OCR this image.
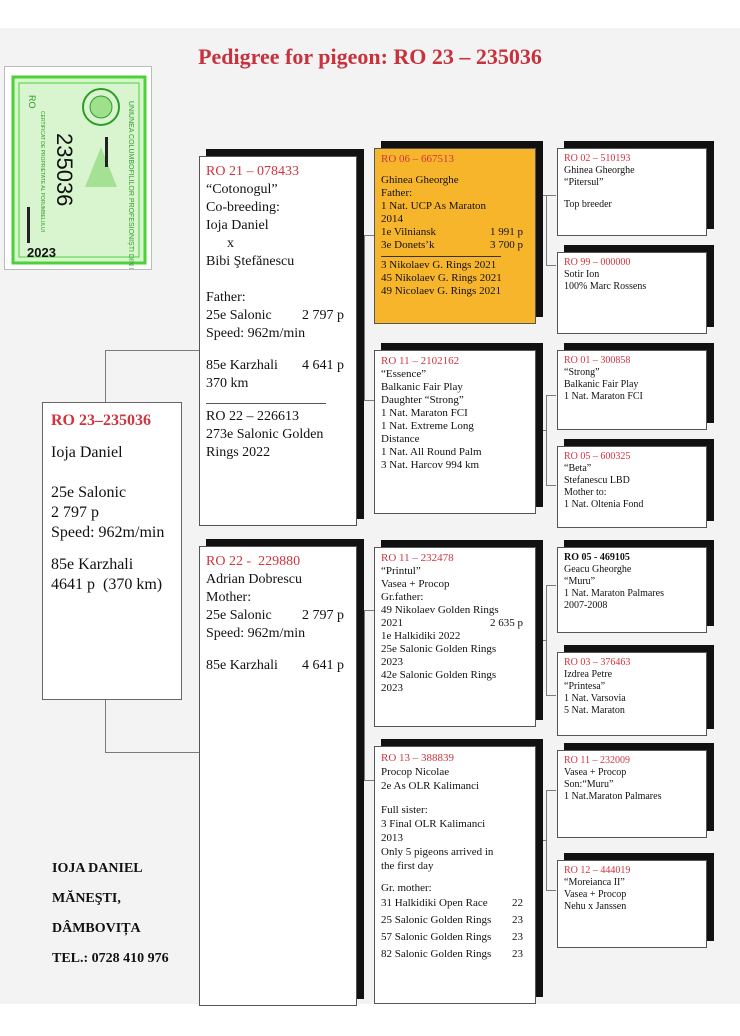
Pedigree for pigeon: RO 23 – 235036
UNIUNEA COLUMBOFILILOR PROFESIONIȘTI DIN ROMÂNIA
RO
CERTIFICAT DE PROPRIETATE AL PORUMBELULUI 235036
2023
RO 23–235036
Ioja Daniel
25e Salonic
2 797 p
Speed: 962m/min
85e Karzhali
4641 p  (370 km)
RO 21 – 078433
“Cotonogul”
Co-breeding:
Ioja Daniel
x
Bibi Ştefănescu
Father:
25e Salonic 2 797 p
Speed: 962m/min
85e Karzhali 4 641 p
370 km
RO 22 – 226613
273e Salonic Golden
Rings 2022
RO 22 -  229880
Adrian Dobrescu
Mother:
25e Salonic 2 797 p
Speed: 962m/min
85e Karzhali 4 641 p
RO 06 – 667513
Ghinea Gheorghe
Father:
1 Nat. UCP As Maraton
2014
1e Vilniansk	1 991 p
3e Donets’k	3 700 p
3 Nikolaev G. Rings 2021
45 Nikolaev G. Rings 2021
49 Nicolaev G. Rings 2021
RO 11 – 2102162
“Essence”
Balkanic Fair Play
Daughter “Strong”
1 Nat. Maraton FCI
1 Nat. Extreme Long
Distance
1 Nat. All Round Palm
3 Nat. Harcov 994 km
RO 11 – 232478
“Printul”
Vasea + Procop
Gr.father:
49 Nikolaev Golden Rings
2021	2 635 p
1e Halkidiki 2022
25e Salonic Golden Rings
2023
42e Salonic Golden Rings
2023
RO 13 – 388839
Procop Nicolae
2e As OLR Kalimanci
Full sister:
3 Final OLR Kalimanci
2013
Only 5 pigeons arrived in
the first day
Gr. mother:
31 Halkidiki Open Race 22
25 Salonic Golden Rings 23
57 Salonic Golden Rings 23
82 Salonic Golden Rings 23
RO 02 – 510193
Ghinea Gheorghe
“Pitersul”
Top breeder
RO 99 – 000000
Sotir Ion
100% Marc Rossens
RO 01 – 300858
“Strong”
Balkanic Fair Play
1 Nat. Maraton FCI
RO 05 – 600325
“Beta”
Stefanescu LBD
Mother to:
1 Nat. Oltenia Fond
RO 05 - 469105
Geacu Gheorghe
“Muru”
1 Nat. Maraton Palmares
2007-2008
RO 03 – 376463
Izdrea Petre
“Printesa”
1 Nat. Varsovia
5 Nat. Maraton
RO 11 – 232009
Vasea + Procop
Son:“Muru”
1 Nat.Maraton Palmares
RO 12 – 444019
“Moreianca II”
Vasea + Procop
Nehu x Janssen
IOJA DANIEL
MĂNEŞTI,
DÂMBOVIȚA
TEL.: 0728 410 976
